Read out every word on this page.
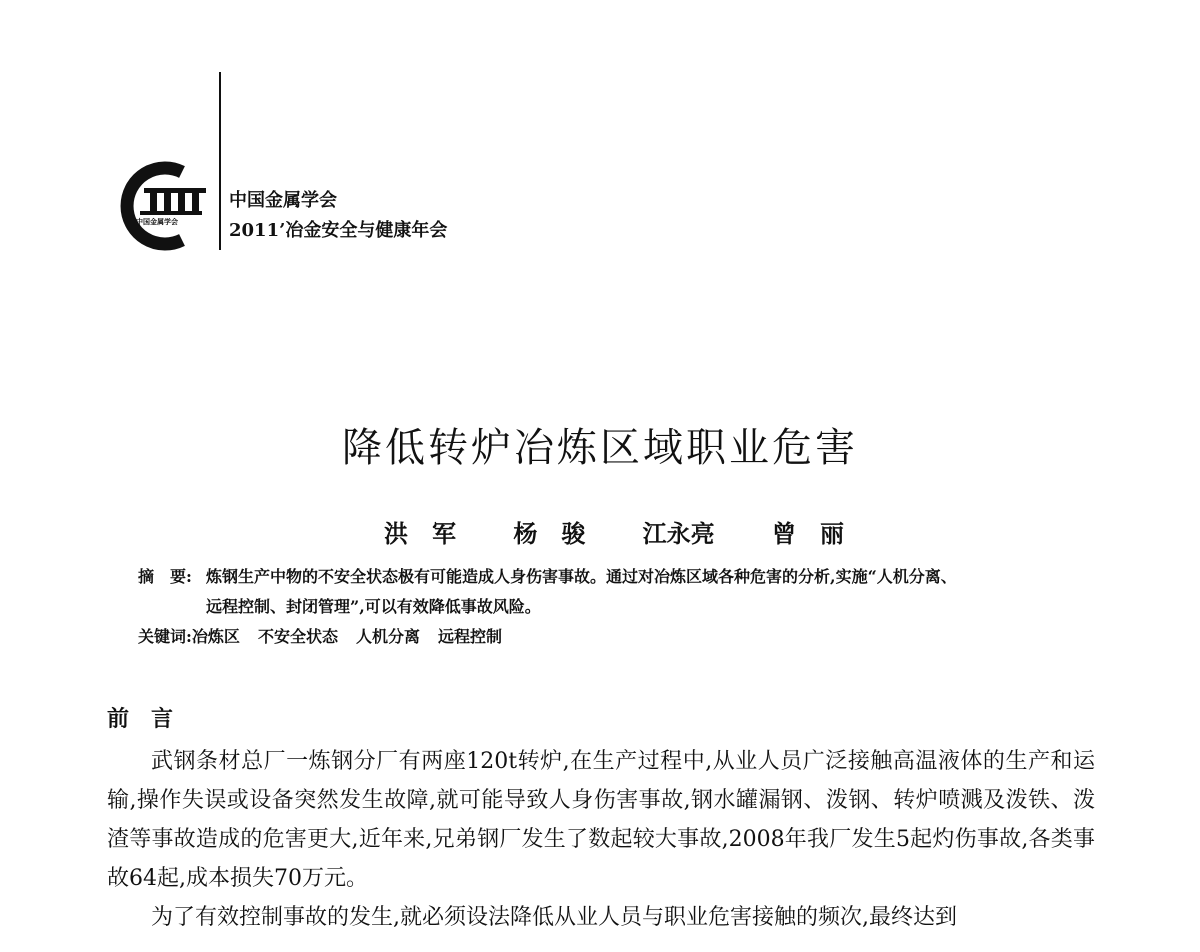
中国金属学会
中国金属学会
2011’冶金安全与健康年会
降低转炉冶炼区域职业危害
洪　军 杨　骏 江永亮 曾　丽
摘　要: 炼钢生产中物的不安全状态极有可能造成人身伤害事故。通过对冶炼区域各种危害的分析,实施“人机分离、
远程控制、封闭管理”,可以有效降低事故风险。
关键词:冶炼区 不安全状态 人机分离 远程控制
前言

武钢条材总厂一炼钢分厂有两座120t转炉,在生产过程中,从业人员广泛接触高温液体的生产和运输,操作失误或设备突然发生故障,就可能导致人身伤害事故,钢水罐漏钢、泼钢、转炉喷溅及泼铁、泼渣等事故造成的危害更大,近年来,兄弟钢厂发生了数起较大事故,2008年我厂发生5起灼伤事故,各类事故64起,成本损失70万元。

为了有效控制事故的发生,就必须设法降低从业人员与职业危害接触的频次,最终达到
